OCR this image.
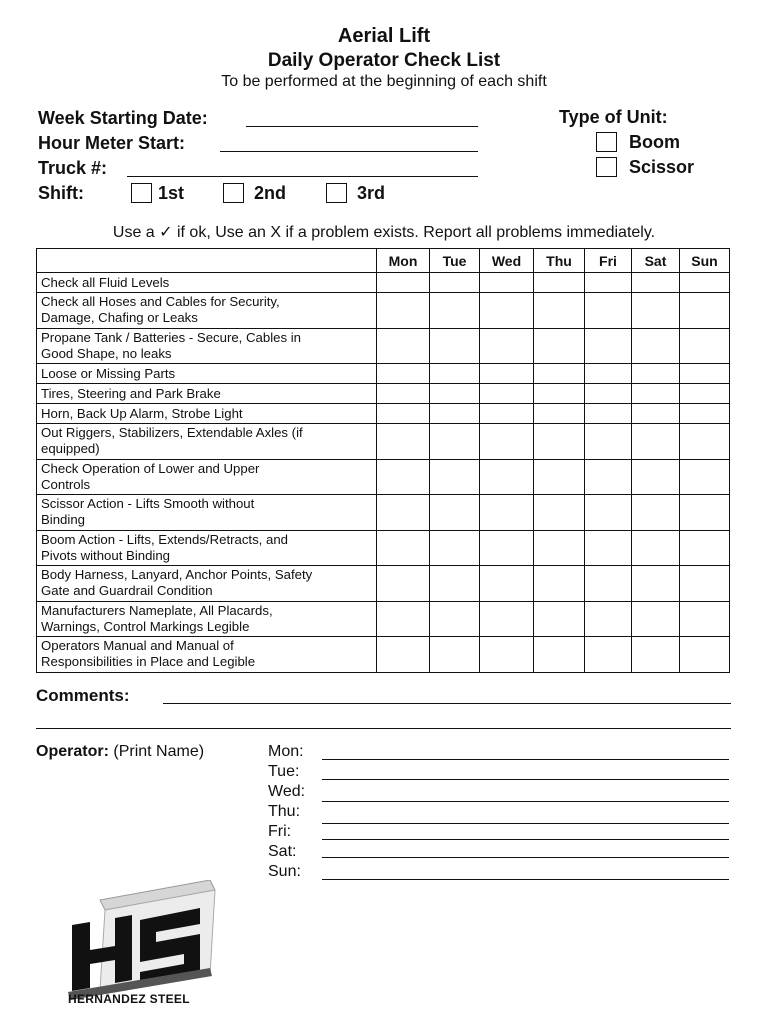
Aerial Lift
Daily Operator Check List
To be performed at the beginning of each shift
Week Starting Date:
Hour Meter Start:
Truck #:
Shift:	1st	2nd	3rd
Type of Unit:
Boom
Scissor
Use a ✓ if ok, Use an X if a problem exists. Report all problems immediately.
	Mon	Tue	Wed	Thu	Fri	Sat	Sun

Check all Fluid Levels							

Check all Hoses and Cables for Security,
Damage, Chafing or Leaks							

Propane Tank / Batteries - Secure, Cables in
Good Shape, no leaks							

Loose or Missing Parts							

Tires, Steering and Park Brake							

Horn, Back Up Alarm, Strobe Light							

Out Riggers, Stabilizers, Extendable Axles (if
equipped)							

Check Operation of Lower and Upper
Controls							

Scissor Action - Lifts Smooth without
Binding							

Boom Action - Lifts, Extends/Retracts, and
Pivots without Binding							

Body Harness, Lanyard, Anchor Points, Safety
Gate and Guardrail Condition							

Manufacturers Nameplate, All Placards,
Warnings, Control Markings Legible							

Operators Manual and Manual of
Responsibilities in Place and Legible							

Comments:
Operator: (Print Name)	Mon:
Tue:
Wed:
Thu:
Fri:
Sat:
Sun:
HERNANDEZ STEEL
